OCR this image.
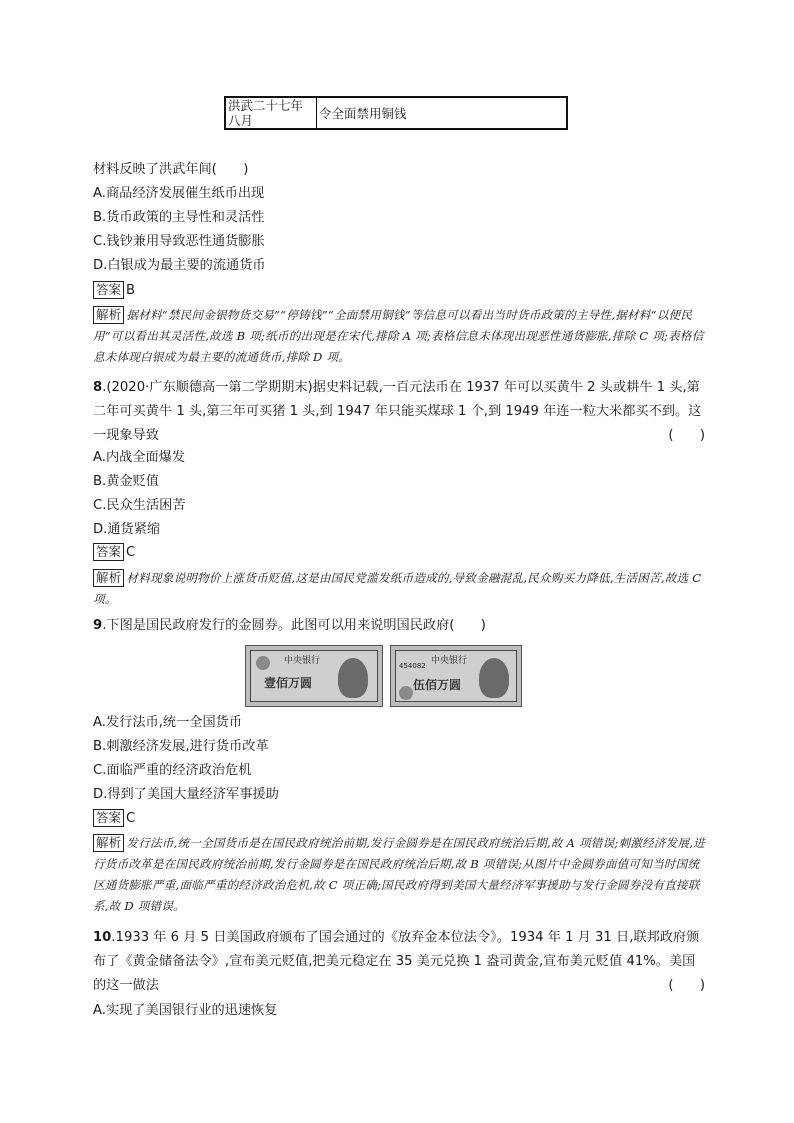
洪武二十七年八月	令全面禁用铜钱
材料反映了洪武年间(　　)
A.商品经济发展催生纸币出现
B.货币政策的主导性和灵活性
C.钱钞兼用导致恶性通货膨胀
D.白银成为最主要的流通货币
答案 B
解析 据材料“禁民间金银物货交易”“停铸钱”“全面禁用铜钱”等信息可以看出当时货币政策的主导性,据材料“以便民用”可以看出其灵活性,故选 B 项;纸币的出现是在宋代,排除 A 项;表格信息未体现出现恶性通货膨胀,排除 C 项;表格信息未体现白银成为最主要的流通货币,排除 D 项。
8.(2020·广东顺德高一第二学期期末)据史料记载,一百元法币在 1937 年可以买黄牛 2 头或耕牛 1 头,第二年可买黄牛 1 头,第三年可买猪 1 头,到 1947 年只能买煤球 1 个,到 1949 年连一粒大米都买不到。这一现象导致	(　　)
A.内战全面爆发
B.黄金贬值
C.民众生活困苦
D.通货紧缩
答案 C
解析 材料现象说明物价上涨货币贬值,这是由国民党滥发纸币造成的,导致金融混乱,民众购买力降低,生活困苦,故选 C 项。
9.下图是国民政府发行的金圆券。此图可以用来说明国民政府(　　)
中央银行
壹佰万圆
中央银行
454082
伍佰万圆
A.发行法币,统一全国货币
B.刺激经济发展,进行货币改革
C.面临严重的经济政治危机
D.得到了美国大量经济军事援助
答案 C
解析 发行法币,统一全国货币是在国民政府统治前期,发行金圆券是在国民政府统治后期,故 A 项错误;刺激经济发展,进行货币改革是在国民政府统治前期,发行金圆券是在国民政府统治后期,故 B 项错误;从图片中金圆券面值可知当时国统区通货膨胀严重,面临严重的经济政治危机,故 C 项正确;国民政府得到美国大量经济军事援助与发行金圆券没有直接联系,故 D 项错误。
10.1933 年 6 月 5 日美国政府颁布了国会通过的《放弃金本位法令》。1934 年 1 月 31 日,联邦政府颁布了《黄金储备法令》,宣布美元贬值,把美元稳定在 35 美元兑换 1 盎司黄金,宣布美元贬值 41%。美国的这一做法	(　　)
A.实现了美国银行业的迅速恢复
